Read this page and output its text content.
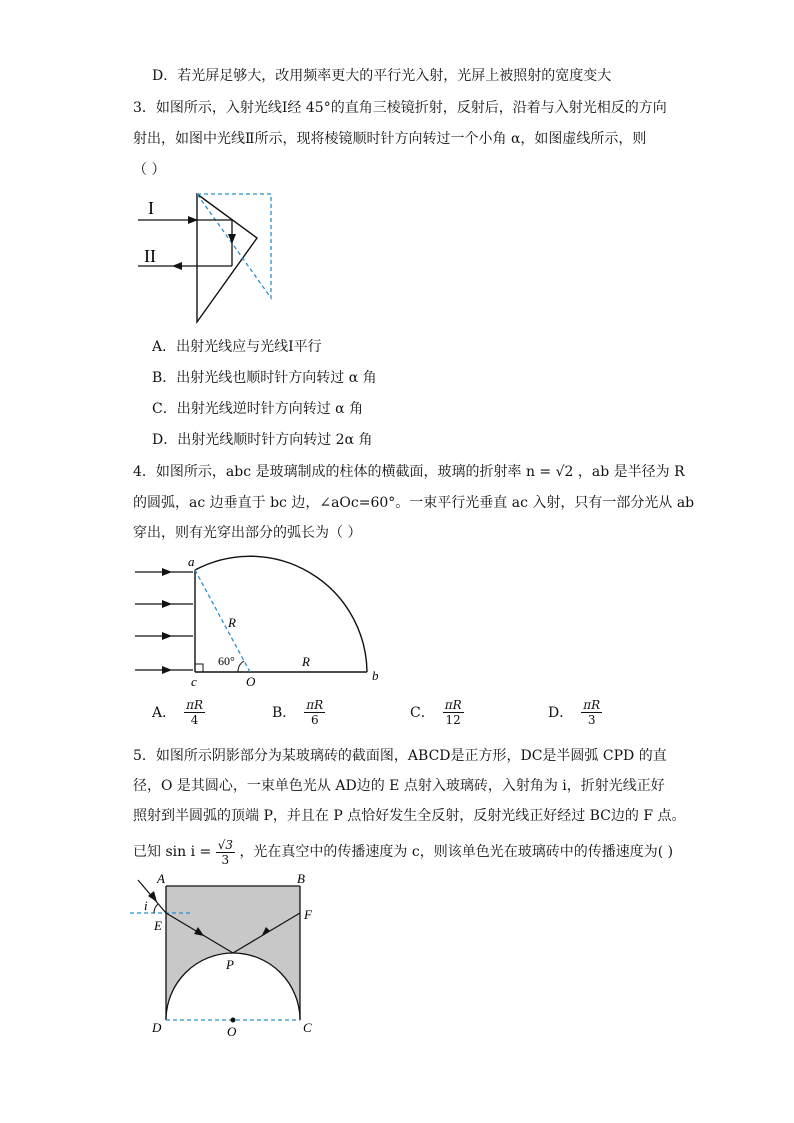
D．若光屏足够大，改用频率更大的平行光入射，光屏上被照射的宽度变大
3．如图所示，入射光线Ⅰ经 45°的直角三棱镜折射，反射后，沿着与入射光相反的方向
射出，如图中光线Ⅱ所示，现将棱镜顺时针方向转过一个小角 α，如图虚线所示，则
（ ）
I
II
A．出射光线应与光线Ⅰ平行
B．出射光线也顺时针方向转过 α 角
C．出射光线逆时针方向转过 α 角
D．出射光线顺时针方向转过 2α 角
4．如图所示，abc 是玻璃制成的柱体的横截面，玻璃的折射率 n = √2 ，ab 是半径为 R
的圆弧，ac 边垂直于 bc 边，∠aOc=60°。一束平行光垂直 ac 入射，只有一部分光从 ab
穿出，则有光穿出部分的弧长为（ ）
a
b
c	O
R
R
60°
A． $\frac{\pi R}{4}$	B． $\frac{\pi R}{6}$	C． $\frac{\pi R}{12}$	D． $\frac{\pi R}{3}$
5．如图所示阴影部分为某玻璃砖的截面图，ABCD是正方形，DC是半圆弧 CPD 的直
径，O 是其圆心，一束单色光从 AD边的 E 点射入玻璃砖，入射角为 i，折射光线正好
照射到半圆弧的顶端 P，并且在 P 点恰好发生全反射，反射光线正好经过 BC边的 F 点。
已知 $\sin i = \frac{√3}{3}$ ，光在真空中的传播速度为 c，则该单色光在玻璃砖中的传播速度为( )
A	B
C
D
E
F
P
O
i
